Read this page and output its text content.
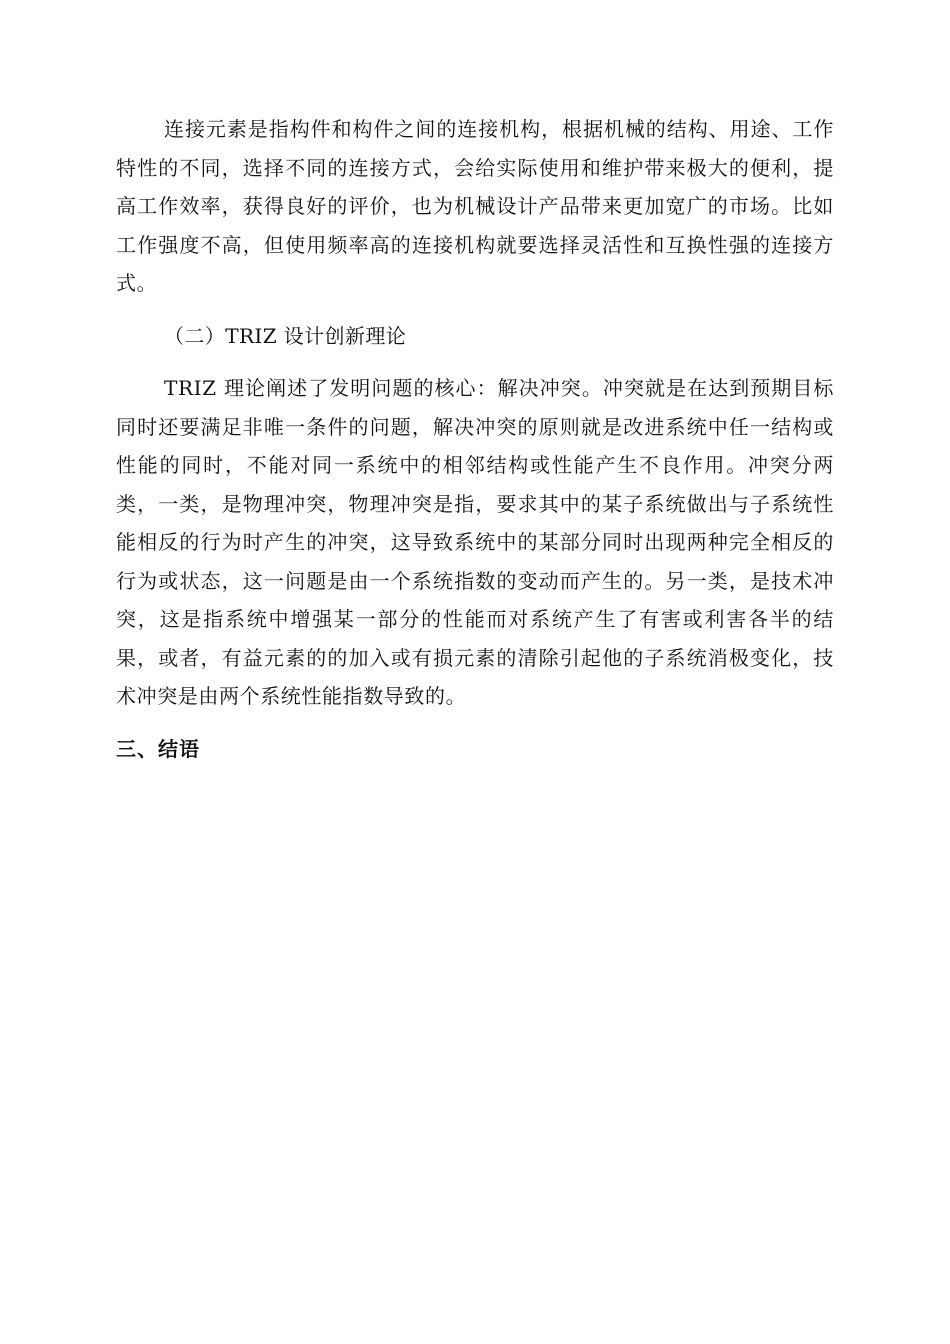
连接元素是指构件和构件之间的连接机构，根据机械的结构、用途、工作特性的不同，选择不同的连接方式，会给实际使用和维护带来极大的便利，提高工作效率，获得良好的评价，也为机械设计产品带来更加宽广的市场。比如工作强度不高，但使用频率高的连接机构就要选择灵活性和互换性强的连接方式。

（二）TRIZ 设计创新理论

TRIZ 理论阐述了发明问题的核心：解决冲突。冲突就是在达到预期目标同时还要满足非唯一条件的问题，解决冲突的原则就是改进系统中任一结构或性能的同时，不能对同一系统中的相邻结构或性能产生不良作用。冲突分两类，一类，是物理冲突，物理冲突是指，要求其中的某子系统做出与子系统性能相反的行为时产生的冲突，这导致系统中的某部分同时出现两种完全相反的行为或状态，这一问题是由一个系统指数的变动而产生的。另一类，是技术冲突，这是指系统中增强某一部分的性能而对系统产生了有害或利害各半的结果，或者，有益元素的的加入或有损元素的清除引起他的子系统消极变化，技术冲突是由两个系统性能指数导致的。

三、结语
